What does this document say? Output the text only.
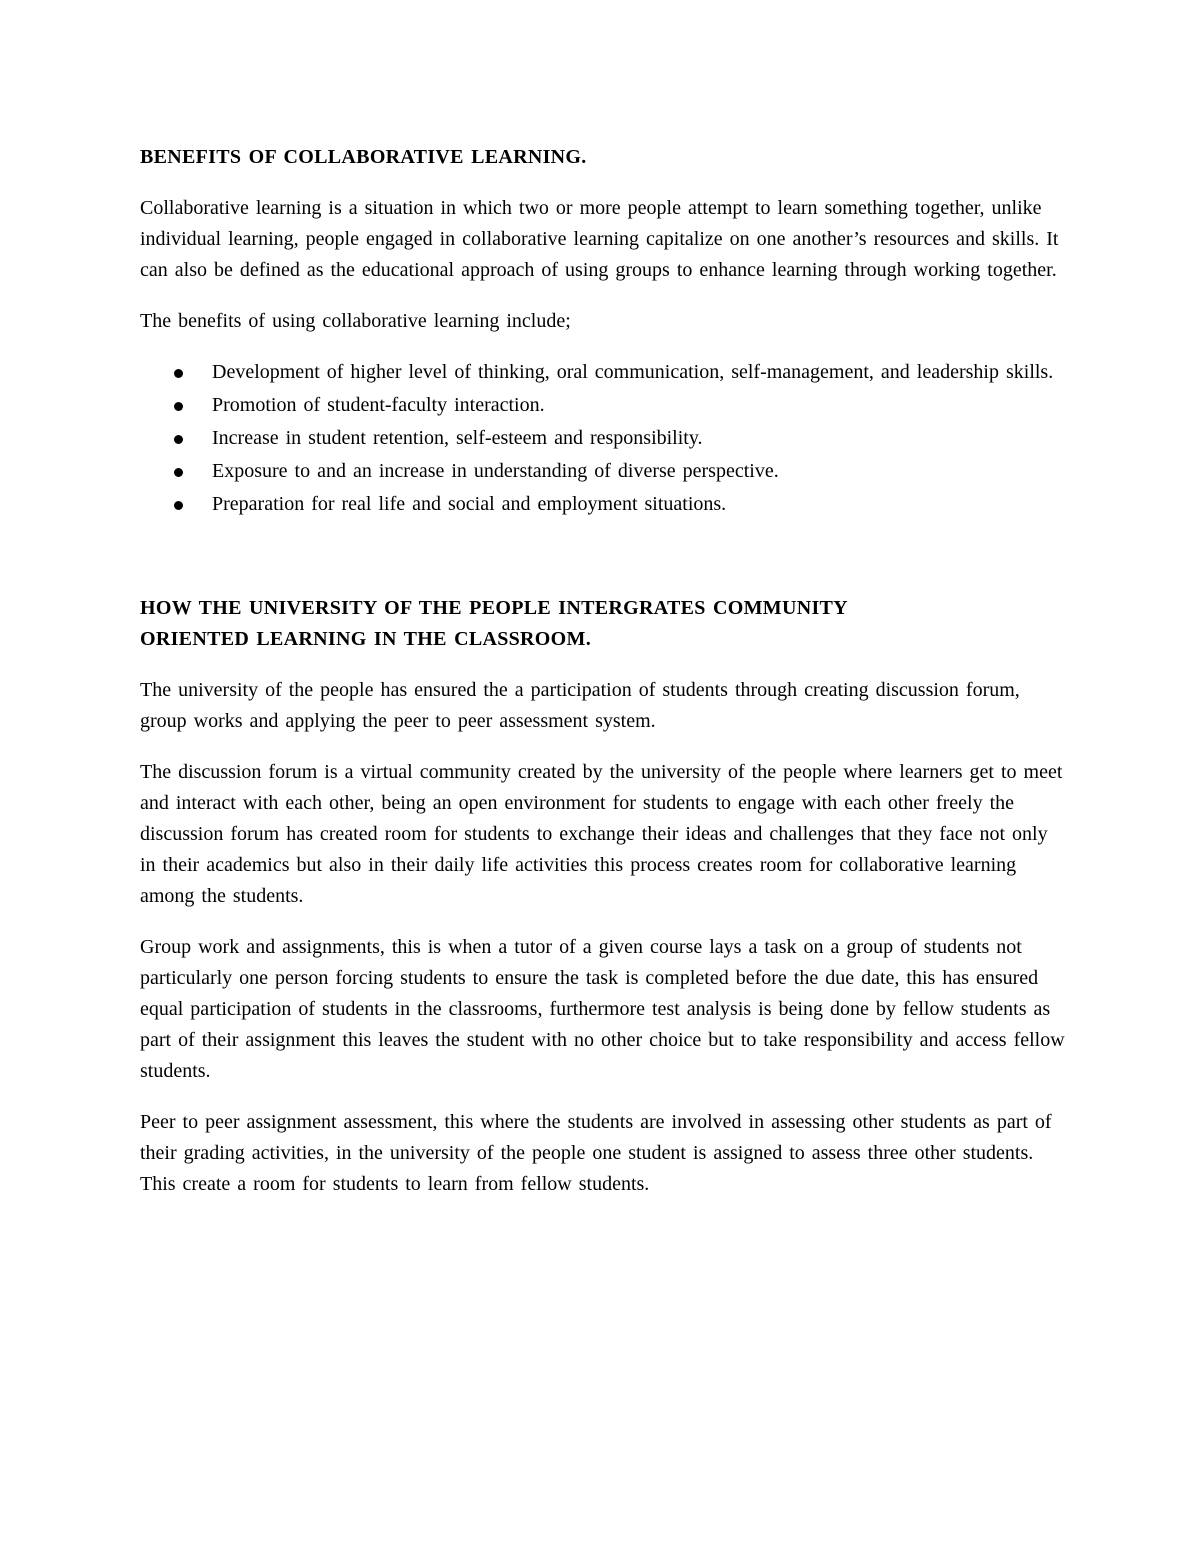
BENEFITS OF COLLABORATIVE LEARNING.

Collaborative learning is a situation in which two or more people attempt to learn something together, unlike individual learning, people engaged in collaborative learning capitalize on one another’s resources and skills. It can also be defined as the educational approach of using groups to enhance learning through working together.

The benefits of using collaborative learning include;

Development of higher level of thinking, oral communication, self-management, and leadership skills.
Promotion of student-faculty interaction.
Increase in student retention, self-esteem and responsibility.
Exposure to and an increase in understanding of diverse perspective.
Preparation for real life and social and employment situations.
HOW THE UNIVERSITY OF THE PEOPLE INTERGRATES COMMUNITY
ORIENTED LEARNING IN THE CLASSROOM.

The university of the people has ensured the a participation of students through creating discussion forum, group works and applying the peer to peer assessment system.

The discussion forum is a virtual community created by the university of the people where learners get to meet and interact with each other, being an open environment for students to engage with each other freely the discussion forum has created room for students to exchange their ideas and challenges that they face not only in their academics but also in their daily life activities this process creates room for collaborative learning among the students.

Group work and assignments, this is when a tutor of a given course lays a task on a group of students not particularly one person forcing students to ensure the task is completed before the due date, this has ensured equal participation of students in the classrooms, furthermore test analysis is being done by fellow students as part of their assignment this leaves the student with no other choice but to take responsibility and access fellow students.

Peer to peer assignment assessment, this where the students are involved in assessing other students as part of their grading activities, in the university of the people one student is assigned to assess three other students. This create a room for students to learn from fellow students.
